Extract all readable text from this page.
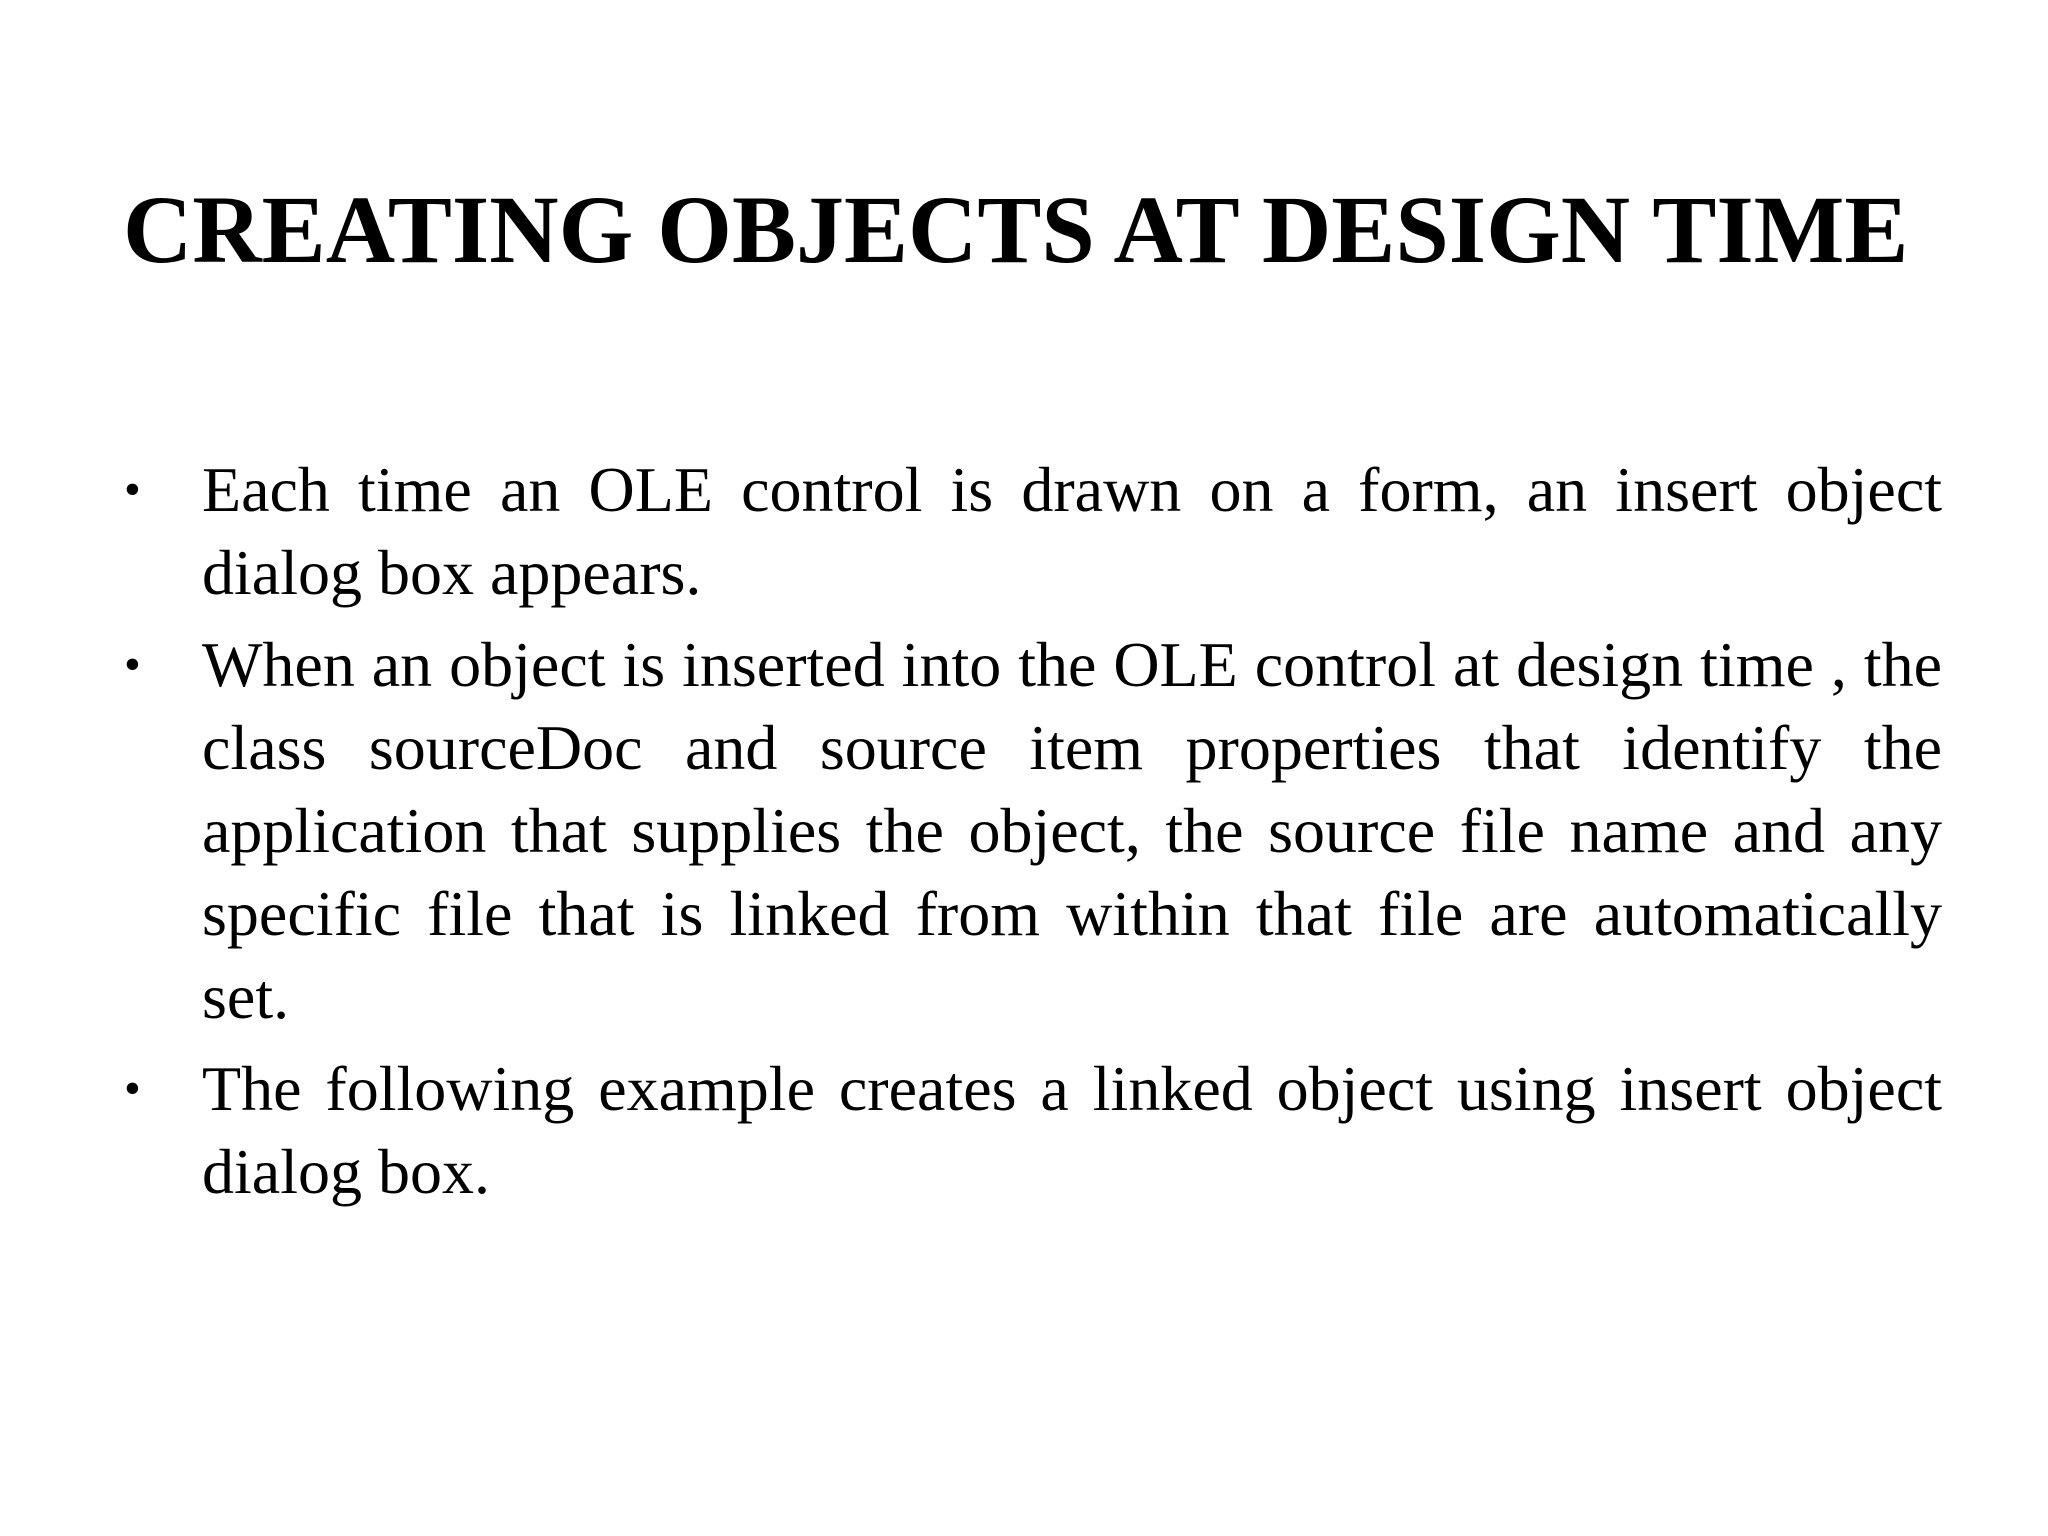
CREATING OBJECTS AT DESIGN TIME
• Each time an OLE control is drawn on a form, an insert object dialog box appears.
• When an object is inserted into the OLE control at design time , the class sourceDoc and source item properties that identify the application that supplies the object, the source file name and any specific file that is linked from within that file are automatically set.
• The following example creates a linked object using insert object dialog box.
